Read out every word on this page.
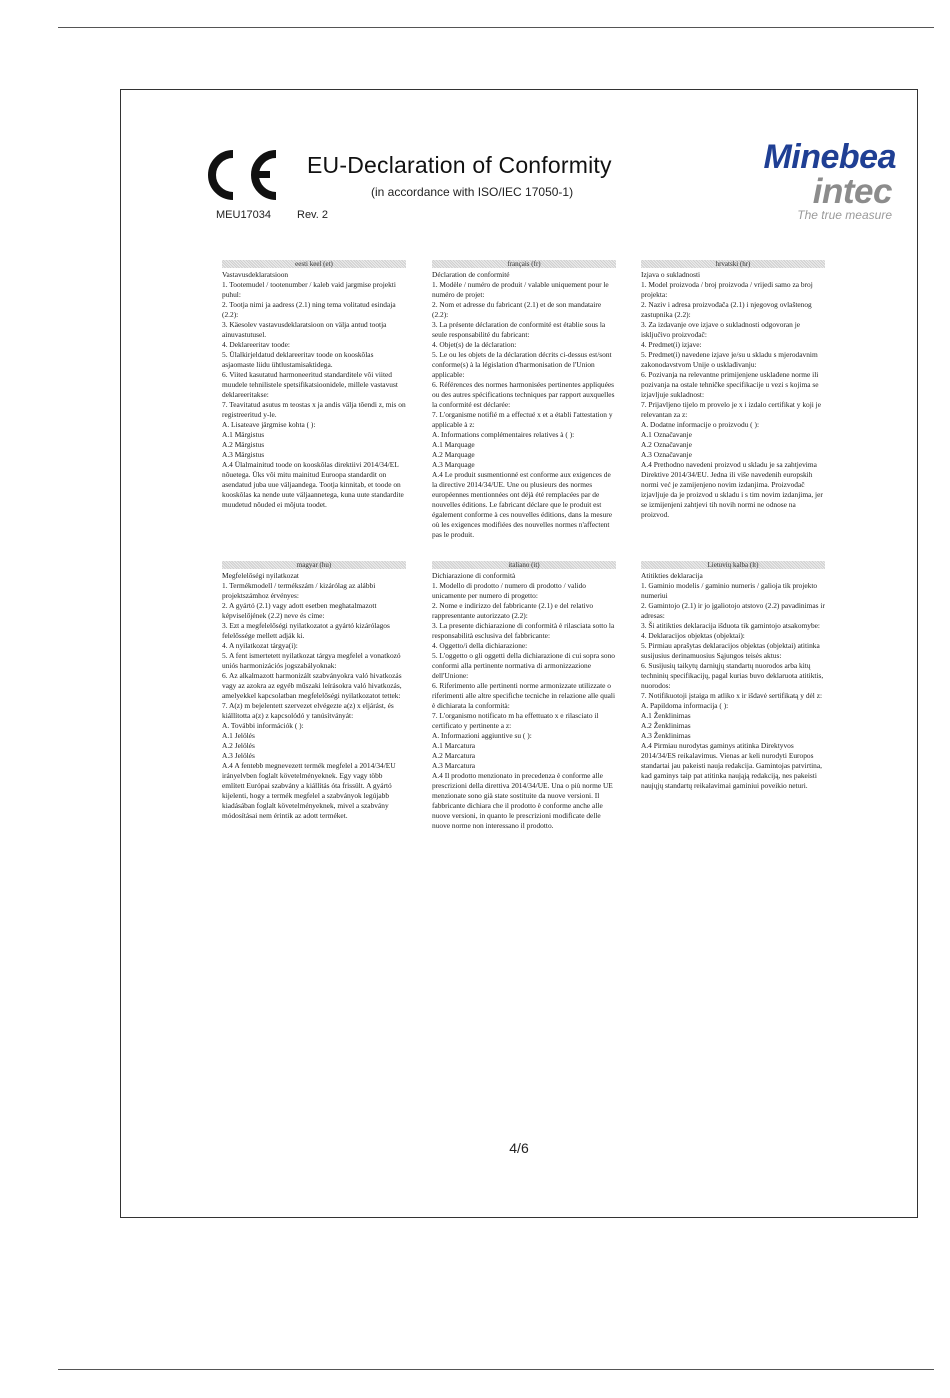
MEU17034 Rev. 2
EU-Declaration of Conformity
(in accordance with ISO/IEC 17050-1)
Minebea
intec
The true measure
eesti keel (et)
Vastavusdeklaratsioon
1. Tootemudel / tootenumber / kaleb vaid jargmise projekti puhul:
2. Tootja nimi ja aadress (2.1) ning tema volitatud esindaja (2.2):
3. Käesolev vastavusdeklaratsioon on välja antud tootja ainuvastutusel.
4. Deklareeritav toode:
5. Ülalkirjeldatud deklareeritav toode on kooskõlas asjaomaste liidu ühtlustamisaktidega.
6. Viited kasutatud harmoneeritud standarditele või viited muudele tehnilistele spetsifikatsioonidele, millele vastavust deklareeritakse:
7. Teavitatud asutus m teostas x ja andis välja tõendi z, mis on registreeritud y-le.
A. Lisateave järgmise kohta ( ):
A.1 Märgistus
A.2 Märgistus
A.3 Märgistus
A.4 Ülalmainitud toode on kooskõlas direktiivi 2014/34/EL nõuetega. Üks või mitu mainitud Euroopa standardit on asendatud juba uue väljaandega. Tootja kinnitab, et toode on kooskõlas ka nende uute väljaannetega, kuna uute standardite muudetud nõuded ei mõjuta toodet.
français (fr)
Déclaration de conformité
1. Modèle / numéro de produit / valable uniquement pour le numéro de projet:
2. Nom et adresse du fabricant (2.1) et de son mandataire (2.2):
3. La présente déclaration de conformité est établie sous la seule responsabilité du fabricant:
4. Objet(s) de la déclaration:
5. Le ou les objets de la déclaration décrits ci-dessus est/sont conforme(s) à la législation d'harmonisation de l'Union applicable:
6. Références des normes harmonisées pertinentes appliquées ou des autres spécifications techniques par rapport auxquelles la conformité est déclarée:
7. L'organisme notifié m a effectué x et a établi l'attestation y applicable à z:
A. Informations complémentaires relatives à ( ):
A.1 Marquage
A.2 Marquage
A.3 Marquage
A.4 Le produit susmentionné est conforme aux exigences de la directive 2014/34/UE. Une ou plusieurs des normes européennes mentionnées ont déjà été remplacées par de nouvelles éditions. Le fabricant déclare que le produit est également conforme à ces nouvelles éditions, dans la mesure où les exigences modifiées des nouvelles normes n'affectent pas le produit.
hrvatski (hr)
Izjava o sukladnosti
1. Model proizvoda / broj proizvoda / vrijedi samo za broj projekta:
2. Naziv i adresa proizvođača (2.1) i njegovog ovlaštenog zastupnika (2.2):
3. Za izdavanje ove izjave o sukladnosti odgovoran je isključivo proizvođač:
4. Predmet(i) izjave:
5. Predmet(i) navedene izjave je/su u skladu s mjerodavnim zakonodavstvom Unije o usklađivanju:
6. Pozivanja na relevantne primijenjene usklađene norme ili pozivanja na ostale tehničke specifikacije u vezi s kojima se izjavljuje sukladnost:
7. Prijavljeno tijelo m provelo je x i izdalo certifikat y koji je relevantan za z:
A. Dodatne informacije o proizvodu ( ):
A.1 Označavanje
A.2 Označavanje
A.3 Označavanje
A.4 Prethodno navedeni proizvod u skladu je sa zahtjevima Direktive 2014/34/EU. Jedna ili više navedenih europskih normi već je zamijenjeno novim izdanjima. Proizvođač izjavljuje da je proizvod u skladu i s tim novim izdanjima, jer se izmijenjeni zahtjevi tih novih normi ne odnose na proizvod.
magyar (hu)
Megfelelőségi nyilatkozat
1. Termékmodell / termékszám / kizárólag az alábbi projektszámhoz érvényes:
2. A gyártó (2.1) vagy adott esetben meghatalmazott képviselőjének (2.2) neve és címe:
3. Ezt a megfelelőségi nyilatkozatot a gyártó kizárólagos felelőssége mellett adják ki.
4. A nyilatkozat tárgya(i):
5. A fent ismertetett nyilatkozat tárgya megfelel a vonatkozó uniós harmonizációs jogszabályoknak:
6. Az alkalmazott harmonizált szabványokra való hivatkozás vagy az azokra az egyéb műszaki leírásokra való hivatkozás, amelyekkel kapcsolatban megfelelőségi nyilatkozatot tettek:
7. A(z) m bejelentett szervezet elvégezte a(z) x eljárást, és kiállította a(z) z kapcsolódó y tanúsítványát:
A. További információk ( ):
A.1 Jelölés
A.2 Jelölés
A.3 Jelölés
A.4 A fentebb megnevezett termék megfelel a 2014/34/EU irányelvben foglalt követelményeknek. Egy vagy több említett Európai szabvány a kiállítás óta frissült. A gyártó kijelenti, hogy a termék megfelel a szabványok legújabb kiadásában foglalt követelményeknek, mivel a szabvány módosításai nem érintik az adott terméket.
italiano (it)
Dichiarazione di conformità
1. Modello di prodotto / numero di prodotto / valido unicamente per numero di progetto:
2. Nome e indirizzo del fabbricante (2.1) e del relativo rappresentante autorizzato (2.2):
3. La presente dichiarazione di conformità è rilasciata sotto la responsabilità esclusiva del fabbricante:
4. Oggetto/i della dichiarazione:
5. L'oggetto o gli oggetti della dichiarazione di cui sopra sono conformi alla pertinente normativa di armonizzazione dell'Unione:
6. Riferimento alle pertinenti norme armonizzate utilizzate o riferimenti alle altre specifiche tecniche in relazione alle quali è dichiarata la conformità:
7. L'organismo notificato m ha effettuato x e rilasciato il certificato y pertinente a z:
A. Informazioni aggiuntive su ( ):
A.1 Marcatura
A.2 Marcatura
A.3 Marcatura
A.4 Il prodotto menzionato in precedenza è conforme alle prescrizioni della direttiva 2014/34/UE. Una o più norme UE menzionate sono già state sostituite da nuove versioni. Il fabbricante dichiara che il prodotto è conforme anche alle nuove versioni, in quanto le prescrizioni modificate delle nuove norme non interessano il prodotto.
Lietuvių kalba (lt)
Atitikties deklaracija
1. Gaminio modelis / gaminio numeris / galioja tik projekto numeriui
2. Gamintojo (2.1) ir jo įgaliotojo atstovo (2.2) pavadinimas ir adresas:
3. Ši atitikties deklaracija išduota tik gamintojo atsakomybe:
4. Deklaracijos objektas (objektai):
5. Pirmiau aprašytas deklaracijos objektas (objektai) atitinka susijusius derinamuosius Sąjungos teisės aktus:
6. Susijusių taikytų darniųjų standartų nuorodos arba kitų techninių specifikacijų, pagal kurias buvo deklaruota atitiktis, nuorodos:
7. Notifikuotoji įstaiga m atliko x ir išdavė sertifikatą y dėl z:
A. Papildoma informacija ( ):
A.1 Ženklinimas
A.2 Ženklinimas
A.3 Ženklinimas
A.4 Pirmiau nurodytas gaminys atitinka Direktyvos 2014/34/ES reikalavimus. Vienas ar keli nurodyti Europos standartai jau pakeisti nauja redakcija. Gamintojas patvirtina, kad gaminys taip pat atitinka naująją redakciją, nes pakeisti naujųjų standartų reikalavimai gaminiui poveikio neturi.
4/6
